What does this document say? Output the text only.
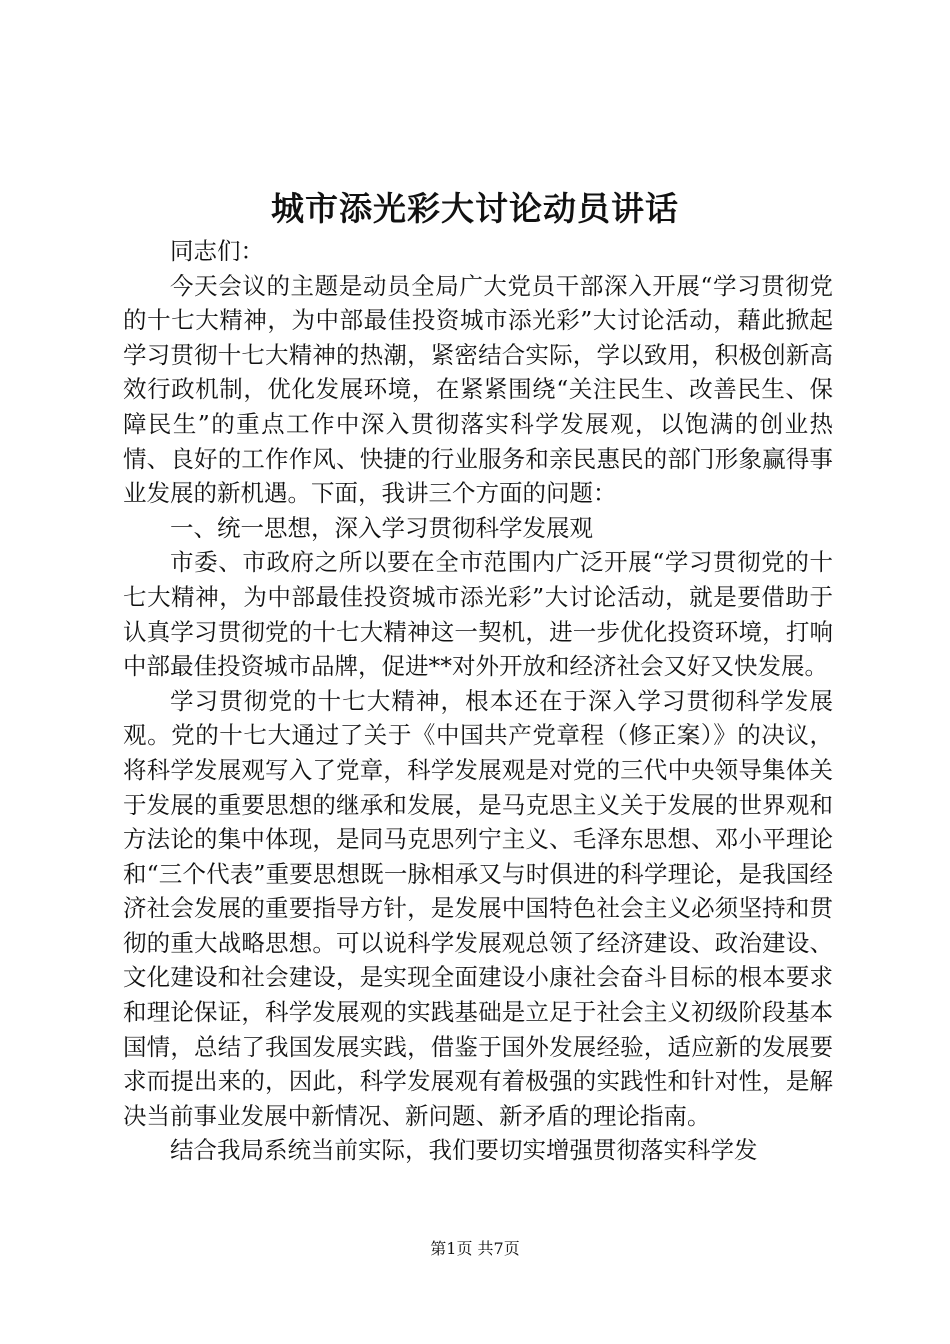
城市添光彩大讨论动员讲话

同志们：

今天会议的主题是动员全局广大党员干部深入开展“学习贯彻党的十七大精神，为中部最佳投资城市添光彩”大讨论活动，藉此掀起学习贯彻十七大精神的热潮，紧密结合实际，学以致用，积极创新高效行政机制，优化发展环境，在紧紧围绕“关注民生、改善民生、保障民生”的重点工作中深入贯彻落实科学发展观，以饱满的创业热情、良好的工作作风、快捷的行业服务和亲民惠民的部门形象赢得事业发展的新机遇。下面，我讲三个方面的问题：

一、统一思想，深入学习贯彻科学发展观

市委、市政府之所以要在全市范围内广泛开展“学习贯彻党的十七大精神，为中部最佳投资城市添光彩”大讨论活动，就是要借助于认真学习贯彻党的十七大精神这一契机，进一步优化投资环境，打响中部最佳投资城市品牌，促进**对外开放和经济社会又好又快发展。

学习贯彻党的十七大精神，根本还在于深入学习贯彻科学发展观。党的十七大通过了关于《中国共产党章程（修正案）》的决议，将科学发展观写入了党章，科学发展观是对党的三代中央领导集体关于发展的重要思想的继承和发展，是马克思主义关于发展的世界观和方法论的集中体现，是同马克思列宁主义、毛泽东思想、邓小平理论和“三个代表”重要思想既一脉相承又与时俱进的科学理论，是我国经济社会发展的重要指导方针，是发展中国特色社会主义必须坚持和贯彻的重大战略思想。可以说科学发展观总领了经济建设、政治建设、文化建设和社会建设，是实现全面建设小康社会奋斗目标的根本要求和理论保证，科学发展观的实践基础是立足于社会主义初级阶段基本国情，总结了我国发展实践，借鉴于国外发展经验，适应新的发展要求而提出来的，因此，科学发展观有着极强的实践性和针对性，是解决当前事业发展中新情况、新问题、新矛盾的理论指南。

结合我局系统当前实际，我们要切实增强贯彻落实科学发

第1页 共7页
